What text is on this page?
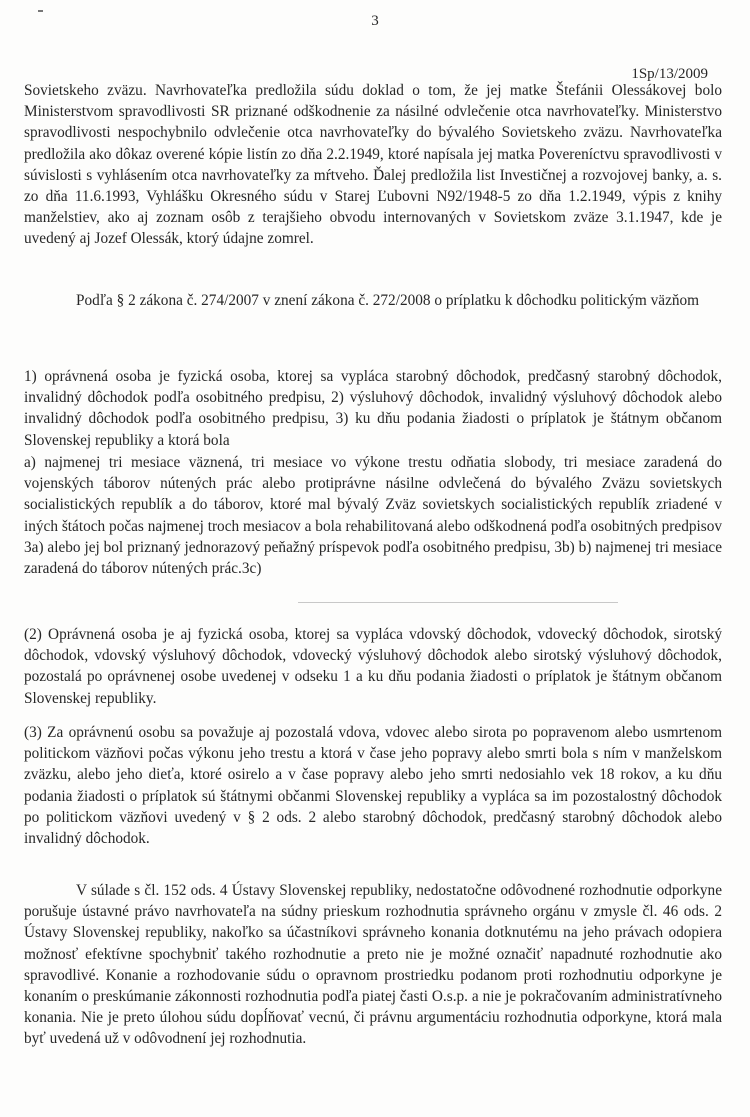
3
1Sp/13/2009

Sovietskeho zväzu. Navrhovateľka predložila súdu doklad o tom, že jej matke Štefánii Olessákovej bolo Ministerstvom spravodlivosti SR priznané odškodnenie za násilné odvlečenie otca navrhovateľky. Ministerstvo spravodlivosti nespochybnilo odvlečenie otca navrhovateľky do bývalého Sovietskeho zväzu. Navrhovateľka predložila ako dôkaz overené kópie listín zo dňa 2.2.1949, ktoré napísala jej matka Povereníctvu spravodlivosti v súvislosti s vyhlásením otca navrhovateľky za mŕtveho. Ďalej predložila list Investičnej a rozvojovej banky, a. s. zo dňa 11.6.1993, Vyhlášku Okresného súdu v Starej Ľubovni N92/1948-5 zo dňa 1.2.1949, výpis z knihy manželstiev, ako aj zoznam osôb z terajšieho obvodu internovaných v Sovietskom zväze 3.1.1947, kde je uvedený aj Jozef Olessák, ktorý údajne zomrel.

Podľa § 2 zákona č. 274/2007 v znení zákona č. 272/2008 o príplatku k dôchodku politickým väzňom

1) oprávnená osoba je fyzická osoba, ktorej sa vypláca starobný dôchodok, predčasný starobný dôchodok, invalidný dôchodok podľa osobitného predpisu, 2) výsluhový dôchodok, invalidný výsluhový dôchodok alebo invalidný dôchodok podľa osobitného predpisu, 3) ku dňu podania žiadosti o príplatok je štátnym občanom Slovenskej republiky a ktorá bola

a) najmenej tri mesiace väznená, tri mesiace vo výkone trestu odňatia slobody, tri mesiace zaradená do vojenských táborov nútených prác alebo protiprávne násilne odvlečená do bývalého Zväzu sovietskych socialistických republík a do táborov, ktoré mal bývalý Zväz sovietskych socialistických republík zriadené v iných štátoch počas najmenej troch mesiacov a bola rehabilitovaná alebo odškodnená podľa osobitných predpisov 3a) alebo jej bol priznaný jednorazový peňažný príspevok podľa osobitného predpisu, 3b) b) najmenej tri mesiace zaradená do táborov nútených prác.3c)

(2) Oprávnená osoba je aj fyzická osoba, ktorej sa vypláca vdovský dôchodok, vdovecký dôchodok, sirotský dôchodok, vdovský výsluhový dôchodok, vdovecký výsluhový dôchodok alebo sirotský výsluhový dôchodok, pozostalá po oprávnenej osobe uvedenej v odseku 1 a ku dňu podania žiadosti o príplatok je štátnym občanom Slovenskej republiky.

(3) Za oprávnenú osobu sa považuje aj pozostalá vdova, vdovec alebo sirota po popravenom alebo usmrtenom politickom väzňovi počas výkonu jeho trestu a ktorá v čase jeho popravy alebo smrti bola s ním v manželskom zväzku, alebo jeho dieťa, ktoré osirelo a v čase popravy alebo jeho smrti nedosiahlo vek 18 rokov, a ku dňu podania žiadosti o príplatok sú štátnymi občanmi Slovenskej republiky a vypláca sa im pozostalostný dôchodok po politickom väzňovi uvedený v § 2 ods. 2 alebo starobný dôchodok, predčasný starobný dôchodok alebo invalidný dôchodok.

V súlade s čl. 152 ods. 4 Ústavy Slovenskej republiky, nedostatočne odôvodnené rozhodnutie odporkyne porušuje ústavné právo navrhovateľa na súdny prieskum rozhodnutia správneho orgánu v zmysle čl. 46 ods. 2 Ústavy Slovenskej republiky, nakoľko sa účastníkovi správneho konania dotknutému na jeho právach odopiera možnosť efektívne spochybniť takého rozhodnutie a preto nie je možné označiť napadnuté rozhodnutie ako spravodlivé. Konanie a rozhodovanie súdu o opravnom prostriedku podanom proti rozhodnutiu odporkyne je konaním o preskúmanie zákonnosti rozhodnutia podľa piatej časti O.s.p. a nie je pokračovaním administratívneho konania. Nie je preto úlohou súdu dopĺňovať vecnú, či právnu argumentáciu rozhodnutia odporkyne, ktorá mala byť uvedená už v odôvodnení jej rozhodnutia.
